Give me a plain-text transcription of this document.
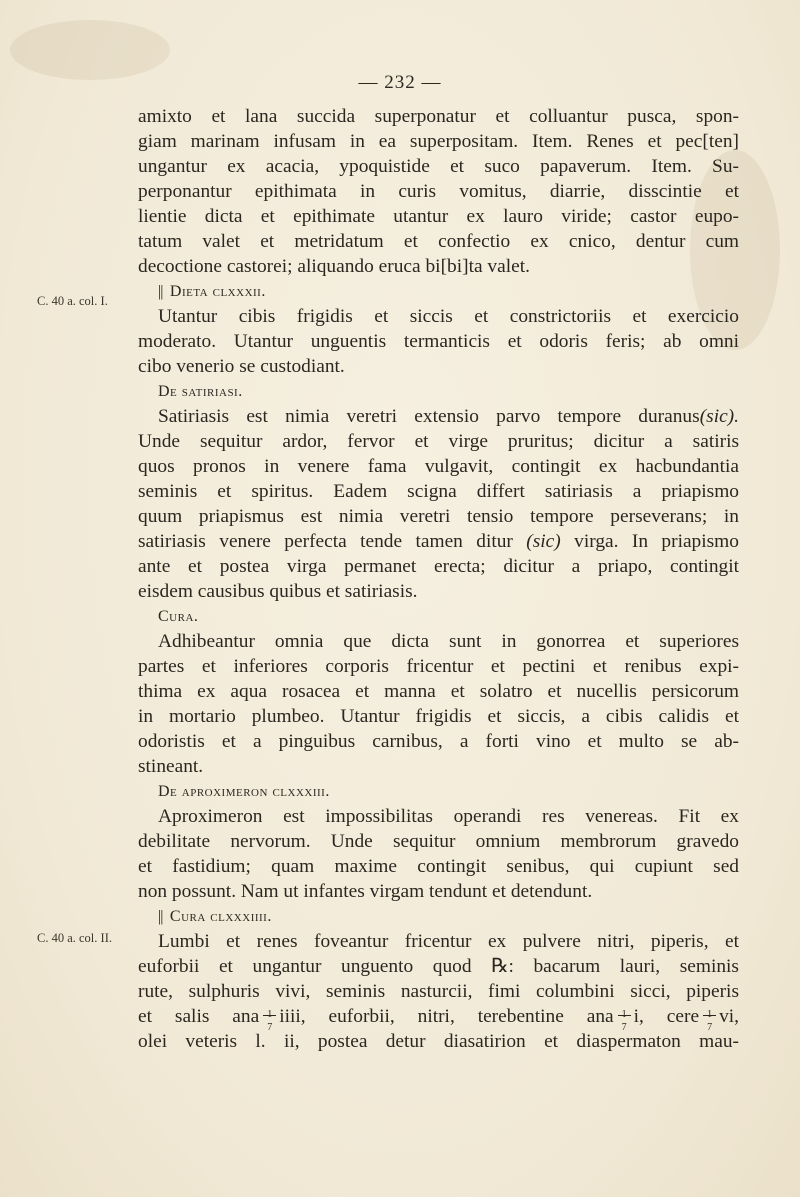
— 232 —
C. 40 a. col. I.
C. 40 a. col. II.
amixto et lana succida superponatur et colluantur pusca, spon-
giam marinam infusam in ea superpositam. Item. Renes et pec[ten]
ungantur ex acacia, ypoquistide et suco papaverum. Item. Su-
perponantur epithimata in curis vomitus, diarrie, disscintie et
lientie dicta et epithimate utantur ex lauro viride; castor eupo-
tatum valet et metridatum et confectio ex cnico, dentur cum
decoctione castorei; aliquando eruca bi[bi]ta valet.
|| Dieta clxxxii.
Utantur cibis frigidis et siccis et constrictoriis et exercicio
moderato. Utantur unguentis termanticis et odoris feris; ab omni
cibo venerio se custodiant.
De satiriasi.
Satiriasis est nimia veretri extensio parvo tempore duranus(sic).
Unde sequitur ardor, fervor et virge pruritus; dicitur a satiris
quos pronos in venere fama vulgavit, contingit ex hacbundantia
seminis et spiritus. Eadem scigna differt satiriasis a priapismo
quum priapismus est nimia veretri tensio tempore perseverans; in
satiriasis venere perfecta tende tamen ditur (sic) virga. In priapismo
ante et postea virga permanet erecta; dicitur a priapo, contingit
eisdem causibus quibus et satiriasis.
Cura.
Adhibeantur omnia que dicta sunt in gonorrea et superiores
partes et inferiores corporis fricentur et pectini et renibus expi-
thima ex aqua rosacea et manna et solatro et nucellis persicorum
in mortario plumbeo. Utantur frigidis et siccis, a cibis calidis et
odoristis et a pinguibus carnibus, a forti vino et multo se ab-
stineant.
De aproximeron clxxxiii.
Aproximeron est impossibilitas operandi res venereas. Fit ex
debilitate nervorum. Unde sequitur omnium membrorum gravedo
et fastidium; quam maxime contingit senibus, qui cupiunt sed
non possunt. Nam ut infantes virgam tendunt et detendunt.
|| Cura clxxxiiii.
Lumbi et renes foveantur fricentur ex pulvere nitri, piperis, et
euforbii et ungantur unguento quod ℞: bacarum lauri, seminis
rute, sulphuris vivi, seminis nasturcii, fimi columbini sicci, piperis
et salis ana
7
iiii, euforbii, nitri, terebentine ana
7
i, cere
7
vi,
olei veteris l. ii, postea detur diasatirion et diaspermaton mau-
